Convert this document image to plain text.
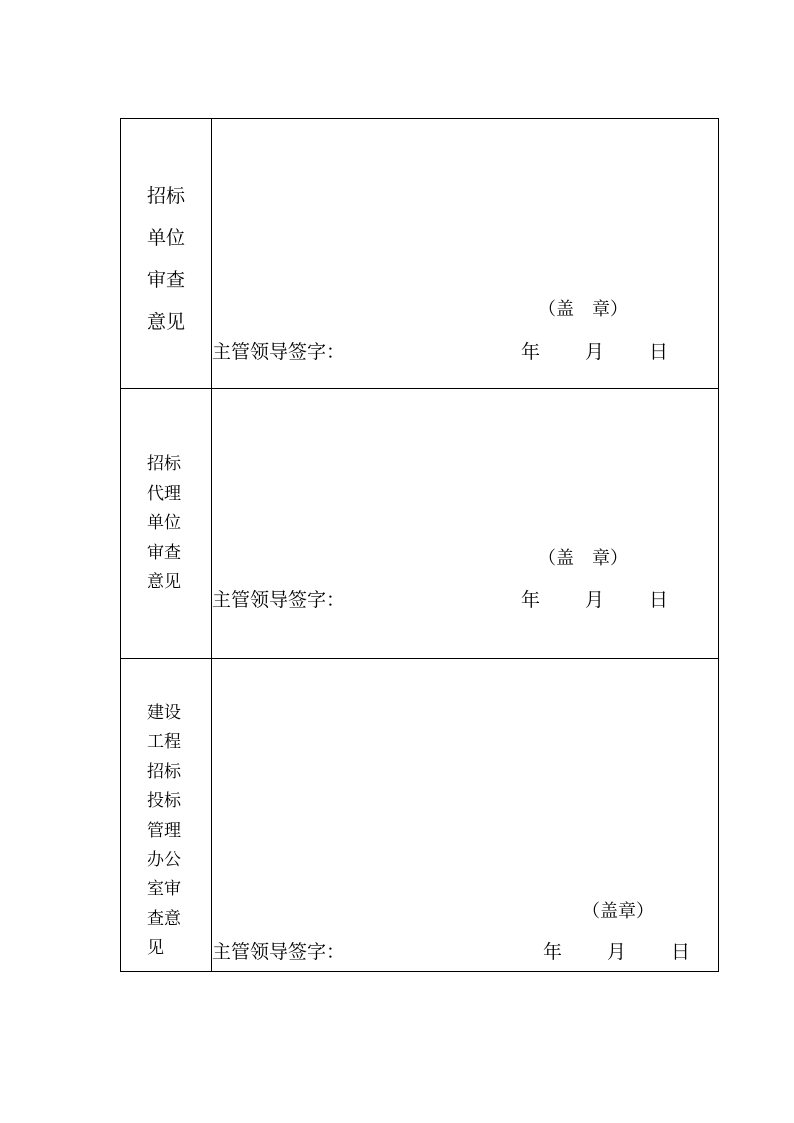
招标单位审查意见	（盖　章）
主管领导签字： 年 月 日

招标代理单位审查意见	（盖　章）
主管领导签字： 年 月 日

建设工程招标投标管理办公室审查意见	（盖章）
主管领导签字： 年 月 日
